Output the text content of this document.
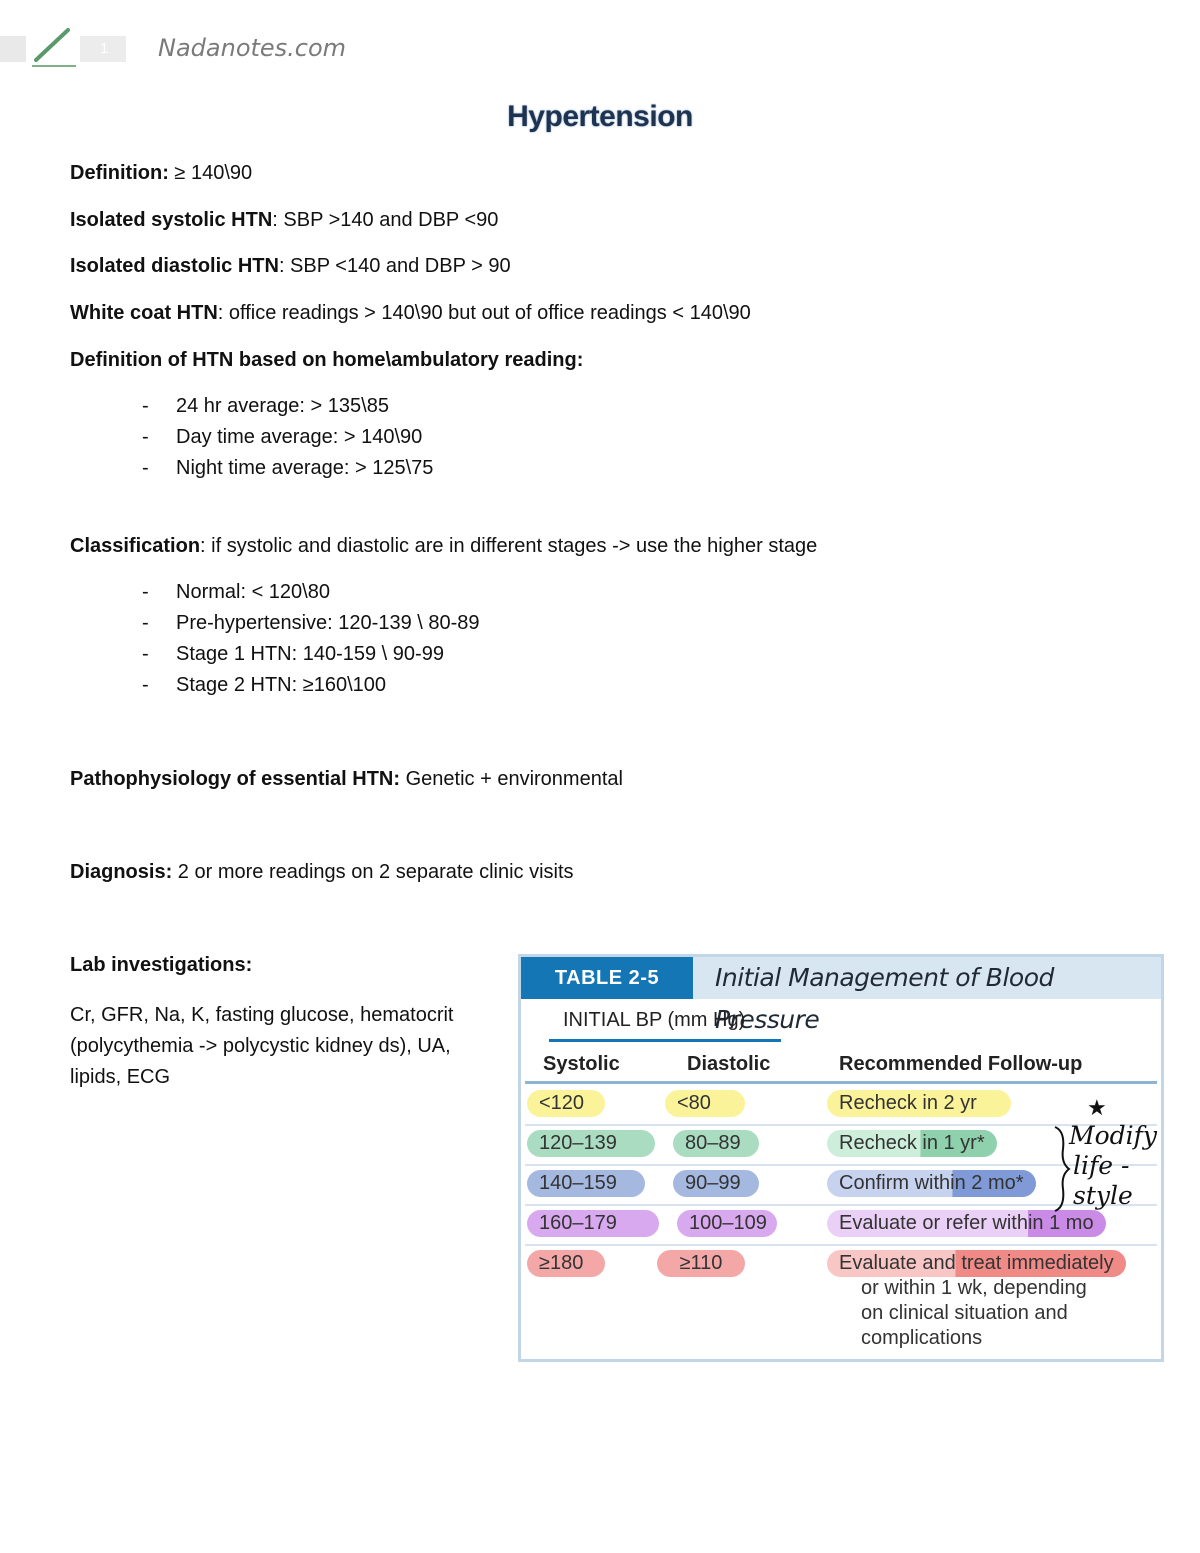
1	Nadanotes.com
Hypertension
Definition: ≥ 140\90
Isolated systolic HTN: SBP >140 and DBP <90
Isolated diastolic HTN: SBP <140 and DBP > 90
White coat HTN: office readings > 140\90 but out of office readings < 140\90
Definition of HTN based on home\ambulatory reading:
- 24 hr average: > 135\85
- Day time average: > 140\90
- Night time average: > 125\75
Classification: if systolic and diastolic are in different stages -> use the higher stage
- Normal: < 120\80
- Pre-hypertensive: 120-139 \ 80-89
- Stage 1 HTN: 140-159 \ 90-99
- Stage 2 HTN: ≥160\100
Pathophysiology of essential HTN: Genetic + environmental
Diagnosis: 2 or more readings on 2 separate clinic visits
Lab investigations:
Cr, GFR, Na, K, fasting glucose, hematocrit (polycythemia -> polycystic kidney ds), UA, lipids, ECG
TABLE 2-5	Initial Management of Blood Pressure
INITIAL BP (mm Hg)
Systolic	Diastolic	Recommended Follow-up
<120	<80	Recheck in 2 yr
120–139	80–89	Recheck in 1 yr*
140–159	90–99	Confirm within 2 mo*
160–179	100–109	Evaluate or refer within 1 mo
≥180	≥110	Evaluate and treat immediately
or within 1 wk, depending
on clinical situation and
complications
★
Modify
life -
style
